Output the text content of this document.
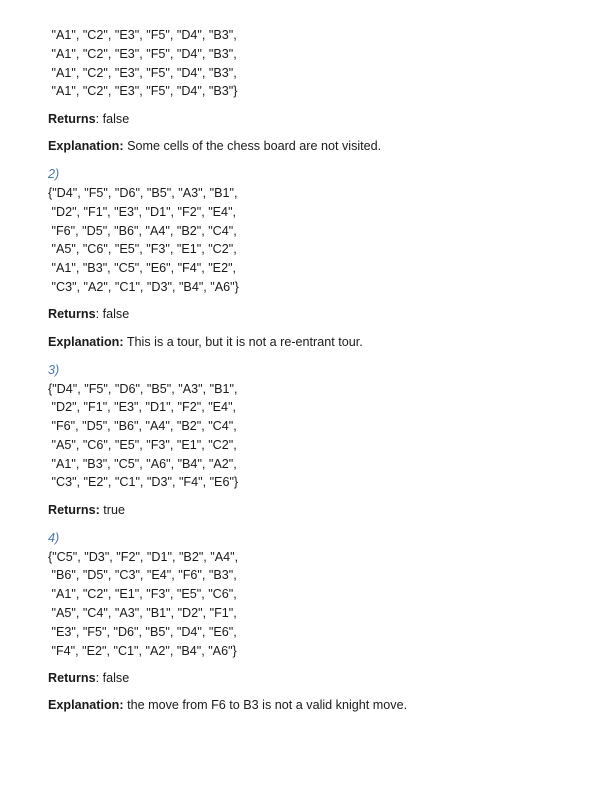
"A1", "C2", "E3", "F5", "D4", "B3",
"A1", "C2", "E3", "F5", "D4", "B3",
"A1", "C2", "E3", "F5", "D4", "B3",
"A1", "C2", "E3", "F5", "D4", "B3"}
Returns: false
Explanation: Some cells of the chess board are not visited.
2)
{"D4", "F5", "D6", "B5", "A3", "B1",
"D2", "F1", "E3", "D1", "F2", "E4",
"F6", "D5", "B6", "A4", "B2", "C4",
"A5", "C6", "E5", "F3", "E1", "C2",
"A1", "B3", "C5", "E6", "F4", "E2",
"C3", "A2", "C1", "D3", "B4", "A6"}
Returns: false
Explanation: This is a tour, but it is not a re-entrant tour.
3)
{"D4", "F5", "D6", "B5", "A3", "B1",
"D2", "F1", "E3", "D1", "F2", "E4",
"F6", "D5", "B6", "A4", "B2", "C4",
"A5", "C6", "E5", "F3", "E1", "C2",
"A1", "B3", "C5", "A6", "B4", "A2",
"C3", "E2", "C1", "D3", "F4", "E6"}
Returns: true
4)
{"C5", "D3", "F2", "D1", "B2", "A4",
"B6", "D5", "C3", "E4", "F6", "B3",
"A1", "C2", "E1", "F3", "E5", "C6",
"A5", "C4", "A3", "B1", "D2", "F1",
"E3", "F5", "D6", "B5", "D4", "E6",
"F4", "E2", "C1", "A2", "B4", "A6"}
Returns: false
Explanation: the move from F6 to B3 is not a valid knight move.
